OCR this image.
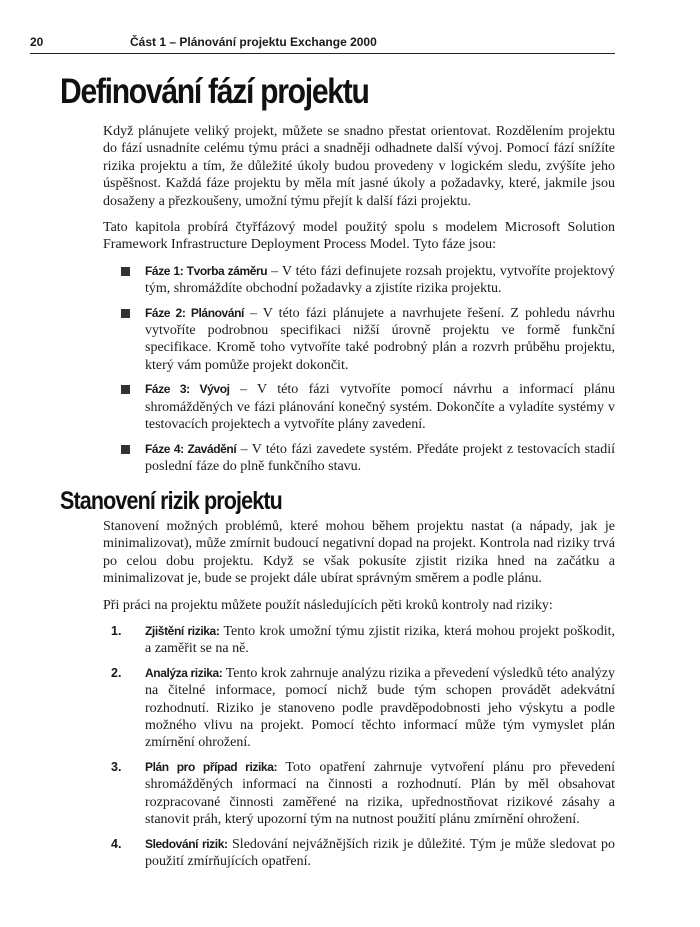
20	Část 1 – Plánování projektu Exchange 2000
Definování fází projektu

Když plánujete veliký projekt, můžete se snadno přestat orientovat. Rozdělením projektu do fází usnadníte celému týmu práci a snadněji odhadnete další vývoj. Pomocí fází snížíte rizika projektu a tím, že důležité úkoly budou provedeny v logickém sledu, zvýšíte jeho úspěšnost. Každá fáze projektu by měla mít jasné úkoly a požadavky, které, jakmile jsou dosaženy a přezkoušeny, umožní týmu přejít k další fázi projektu.

Tato kapitola probírá čtyřfázový model použitý spolu s modelem Microsoft Solution Framework Infrastructure Deployment Process Model. Tyto fáze jsou:

Fáze 1: Tvorba záměru – V této fázi definujete rozsah projektu, vytvoříte projektový tým, shromáždíte obchodní požadavky a zjistíte rizika projektu.
Fáze 2: Plánování – V této fázi plánujete a navrhujete řešení. Z pohledu návrhu vytvoříte podrobnou specifikaci nižší úrovně projektu ve formě funkční specifikace. Kromě toho vytvoříte také podrobný plán a rozvrh průběhu projektu, který vám pomůže projekt dokončit.
Fáze 3: Vývoj – V této fázi vytvoříte pomocí návrhu a informací plánu shromážděných ve fázi plánování konečný systém. Dokončíte a vyladíte systémy v testovacích projektech a vytvoříte plány zavedení.
Fáze 4: Zavádění – V této fázi zavedete systém. Předáte projekt z testovacích stadií poslední fáze do plně funkčního stavu.
Stanovení rizik projektu

Stanovení možných problémů, které mohou během projektu nastat (a nápady, jak je minimalizovat), může zmírnit budoucí negativní dopad na projekt. Kontrola nad riziky trvá po celou dobu projektu. Když se však pokusíte zjistit rizika hned na začátku a minimalizovat je, bude se projekt dále ubírat správným směrem a podle plánu.

Při práci na projektu můžete použít následujících pěti kroků kontroly nad riziky:

1. Zjištění rizika: Tento krok umožní týmu zjistit rizika, která mohou projekt poškodit, a zaměřit se na ně.
2. Analýza rizika: Tento krok zahrnuje analýzu rizika a převedení výsledků této analýzy na čitelné informace, pomocí nichž bude tým schopen provádět adekvátní rozhodnutí. Riziko je stanoveno podle pravděpodobnosti jeho výskytu a podle možného vlivu na projekt. Pomocí těchto informací může tým vymyslet plán zmírnění ohrožení.
3. Plán pro případ rizika: Toto opatření zahrnuje vytvoření plánu pro převedení shromážděných informací na činnosti a rozhodnutí. Plán by měl obsahovat rozpracované činnosti zaměřené na rizika, upřednostňovat rizikové zásahy a stanovit práh, který upozorní tým na nutnost použití plánu zmírnění ohrožení.
4. Sledování rizik: Sledování nejvážnějších rizik je důležité. Tým je může sledovat po použití zmírňujících opatření.
